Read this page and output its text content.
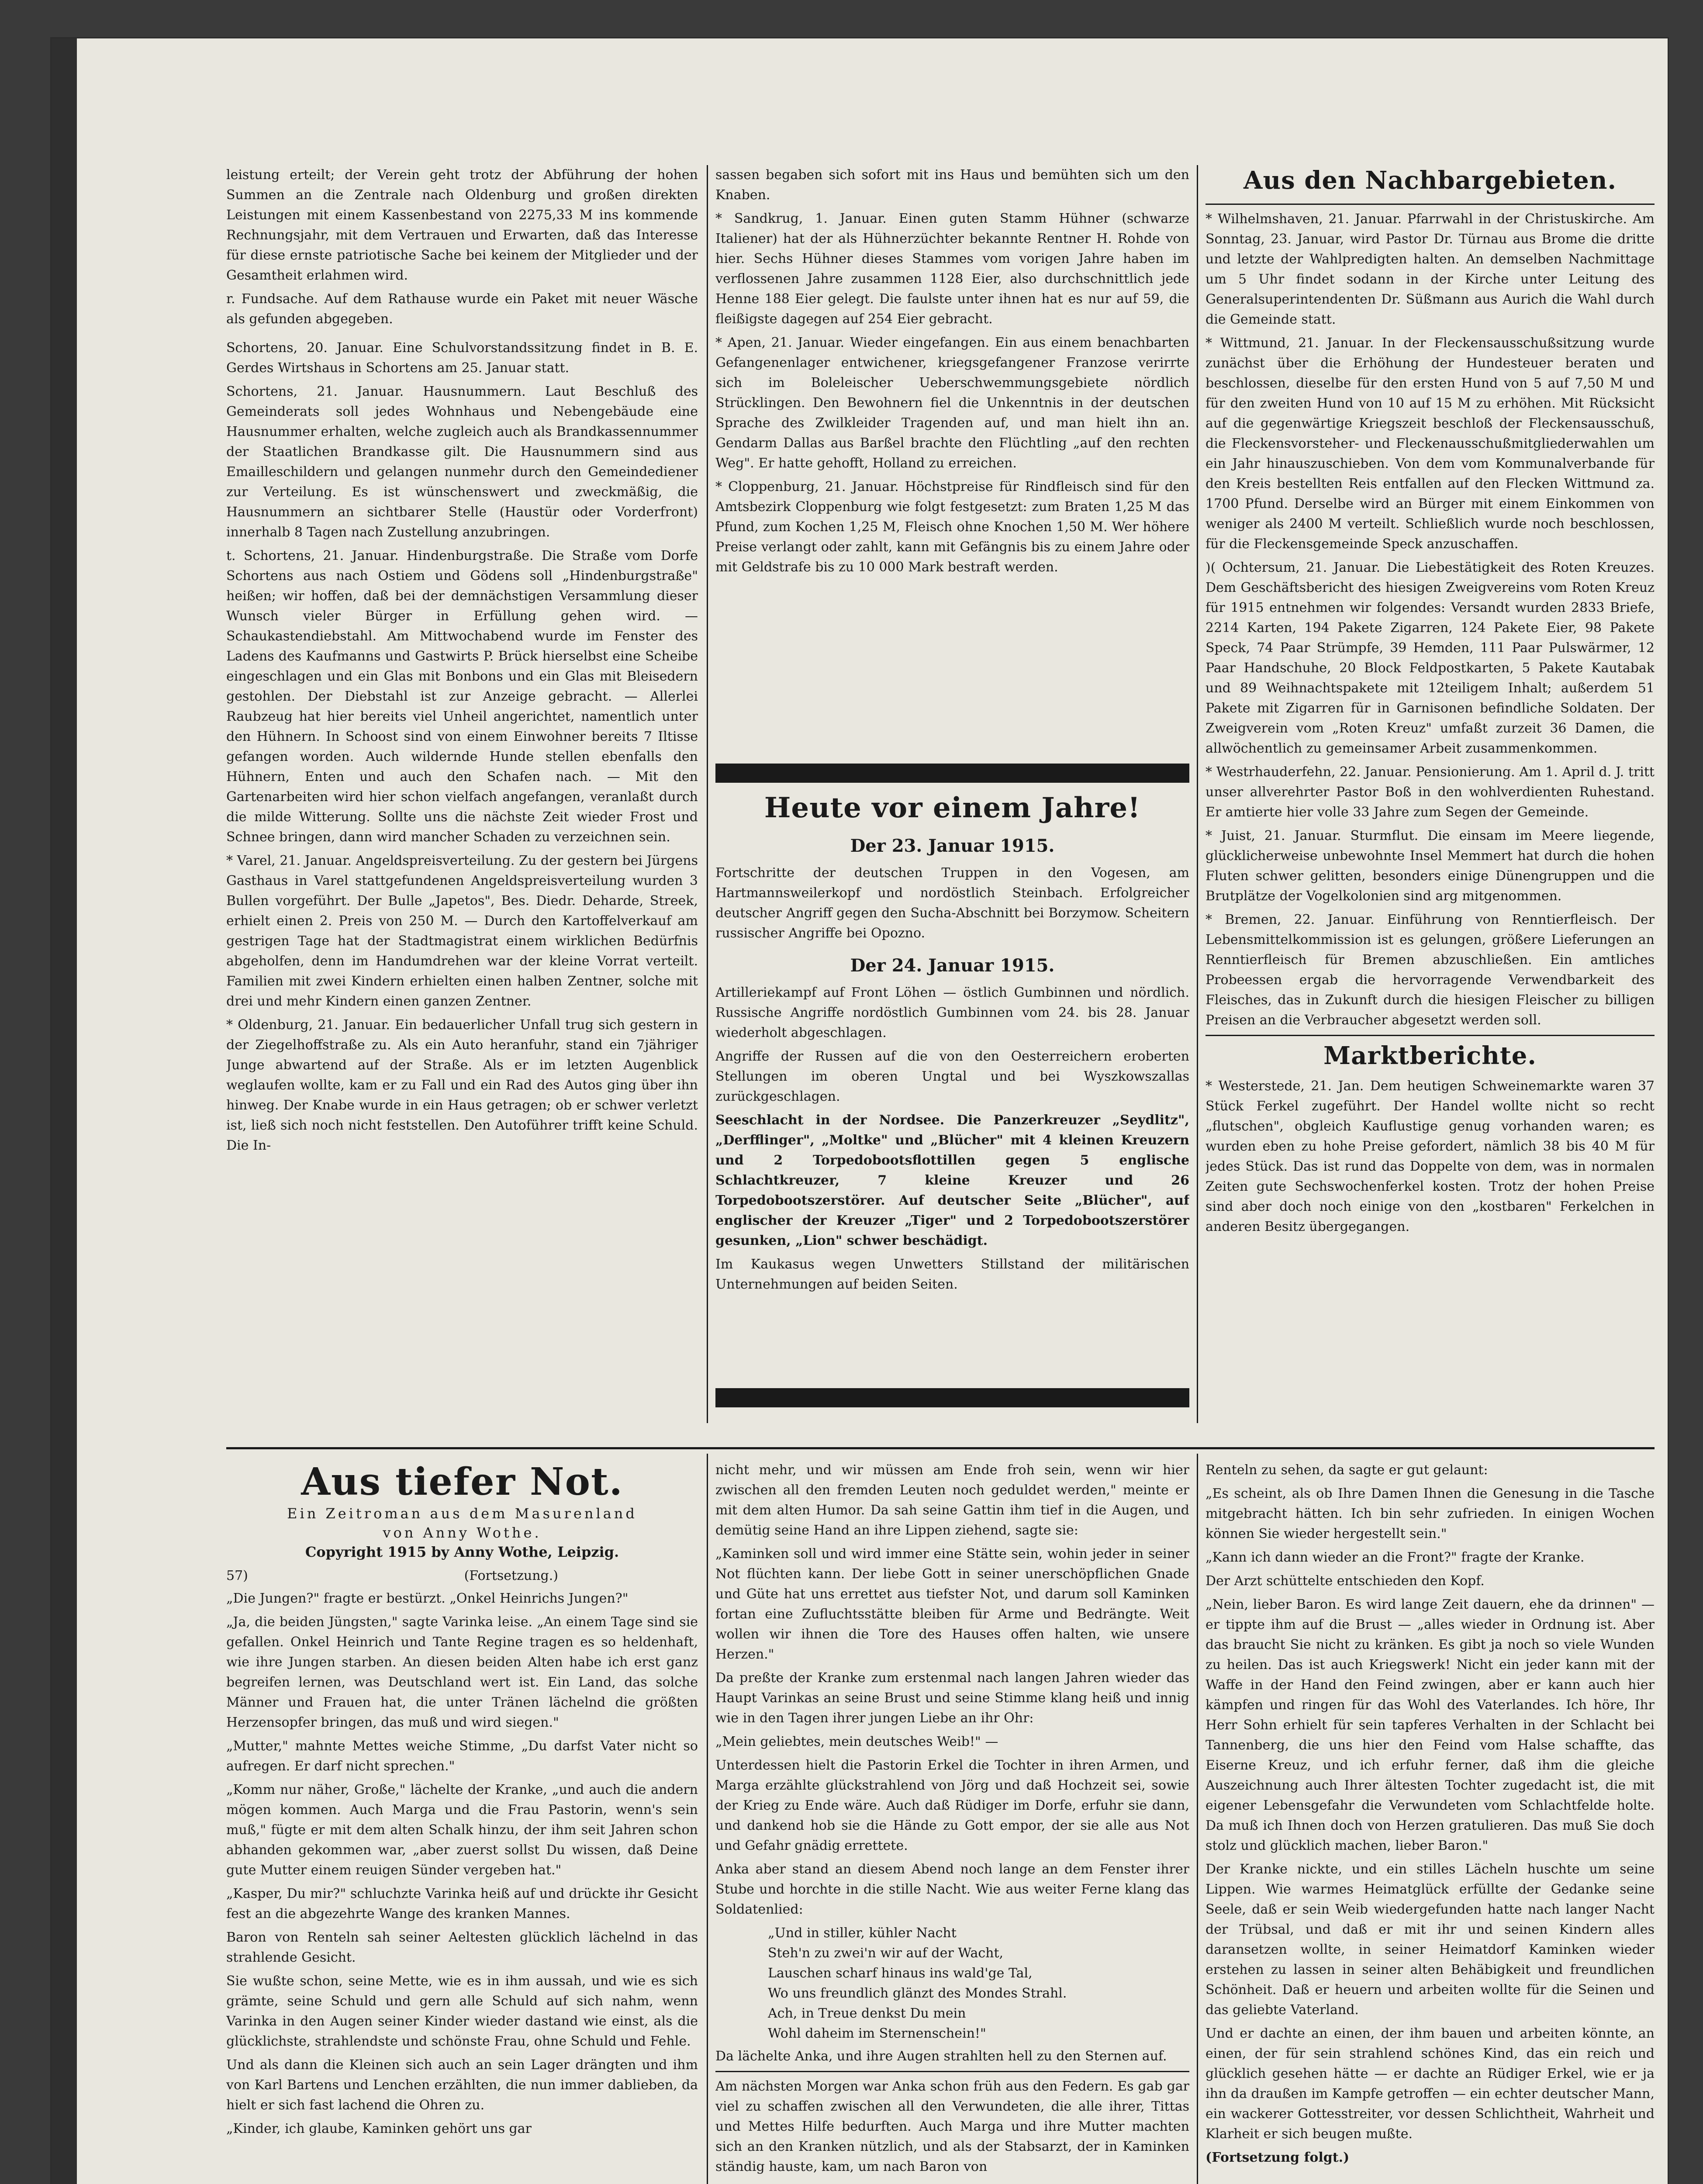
leistung erteilt; der Verein geht trotz der Abführung der hohen Summen an die Zentrale nach Oldenburg und großen direkten Leistungen mit einem Kassenbestand von 2275,33 M ins kommende Rechnungsjahr, mit dem Vertrauen und Erwarten, daß das Interesse für diese ernste patriotische Sache bei keinem der Mitglieder und der Gesamtheit erlahmen wird.

r. Fundsache. Auf dem Rathause wurde ein Paket mit neuer Wäsche als gefunden abgegeben.

Schortens, 20. Januar. Eine Schulvorstandssitzung findet in B. E. Gerdes Wirtshaus in Schortens am 25. Januar statt.

Schortens, 21. Januar. Hausnummern. Laut Beschluß des Gemeinderats soll jedes Wohnhaus und Nebengebäude eine Hausnummer erhalten, welche zugleich auch als Brandkassennummer der Staatlichen Brandkasse gilt. Die Hausnummern sind aus Emailleschildern und gelangen nunmehr durch den Gemeindediener zur Verteilung. Es ist wünschenswert und zweckmäßig, die Hausnummern an sichtbarer Stelle (Haustür oder Vorderfront) innerhalb 8 Tagen nach Zustellung anzubringen.

t. Schortens, 21. Januar. Hindenburgstraße. Die Straße vom Dorfe Schortens aus nach Ostiem und Gödens soll „Hindenburgstraße" heißen; wir hoffen, daß bei der demnächstigen Versammlung dieser Wunsch vieler Bürger in Erfüllung gehen wird. — Schaukastendiebstahl. Am Mittwochabend wurde im Fenster des Ladens des Kaufmanns und Gastwirts P. Brück hierselbst eine Scheibe eingeschlagen und ein Glas mit Bonbons und ein Glas mit Bleisedern gestohlen. Der Diebstahl ist zur Anzeige gebracht. — Allerlei Raubzeug hat hier bereits viel Unheil angerichtet, namentlich unter den Hühnern. In Schoost sind von einem Einwohner bereits 7 Iltisse gefangen worden. Auch wildernde Hunde stellen ebenfalls den Hühnern, Enten und auch den Schafen nach. — Mit den Gartenarbeiten wird hier schon vielfach angefangen, veranlaßt durch die milde Witterung. Sollte uns die nächste Zeit wieder Frost und Schnee bringen, dann wird mancher Schaden zu verzeichnen sein.

* Varel, 21. Januar. Angeldspreisverteilung. Zu der gestern bei Jürgens Gasthaus in Varel stattgefundenen Angeldspreisverteilung wurden 3 Bullen vorgeführt. Der Bulle „Japetos", Bes. Diedr. Deharde, Streek, erhielt einen 2. Preis von 250 M. — Durch den Kartoffelverkauf am gestrigen Tage hat der Stadtmagistrat einem wirklichen Bedürfnis abgeholfen, denn im Handumdrehen war der kleine Vorrat verteilt. Familien mit zwei Kindern erhielten einen halben Zentner, solche mit drei und mehr Kindern einen ganzen Zentner.

* Oldenburg, 21. Januar. Ein bedauerlicher Unfall trug sich gestern in der Ziegelhoffstraße zu. Als ein Auto heranfuhr, stand ein 7jähriger Junge abwartend auf der Straße. Als er im letzten Augenblick weglaufen wollte, kam er zu Fall und ein Rad des Autos ging über ihn hinweg. Der Knabe wurde in ein Haus getragen; ob er schwer verletzt ist, ließ sich noch nicht feststellen. Den Autoführer trifft keine Schuld. Die In-

sassen begaben sich sofort mit ins Haus und bemühten sich um den Knaben.

* Sandkrug, 1. Januar. Einen guten Stamm Hühner (schwarze Italiener) hat der als Hühnerzüchter bekannte Rentner H. Rohde von hier. Sechs Hühner dieses Stammes vom vorigen Jahre haben im verflossenen Jahre zusammen 1128 Eier, also durchschnittlich jede Henne 188 Eier gelegt. Die faulste unter ihnen hat es nur auf 59, die fleißigste dagegen auf 254 Eier gebracht.

* Apen, 21. Januar. Wieder eingefangen. Ein aus einem benachbarten Gefangenenlager entwichener, kriegsgefangener Franzose verirrte sich im Boleleischer Ueberschwemmungsgebiete nördlich Strücklingen. Den Bewohnern fiel die Unkenntnis in der deutschen Sprache des Zwilkleider Tragenden auf, und man hielt ihn an. Gendarm Dallas aus Barßel brachte den Flüchtling „auf den rechten Weg". Er hatte gehofft, Holland zu erreichen.

* Cloppenburg, 21. Januar. Höchstpreise für Rindfleisch sind für den Amtsbezirk Cloppenburg wie folgt festgesetzt: zum Braten 1,25 M das Pfund, zum Kochen 1,25 M, Fleisch ohne Knochen 1,50 M. Wer höhere Preise verlangt oder zahlt, kann mit Gefängnis bis zu einem Jahre oder mit Geldstrafe bis zu 10 000 Mark bestraft werden.

Heute vor einem Jahre!
Der 23. Januar 1915.

Fortschritte der deutschen Truppen in den Vogesen, am Hartmannsweilerkopf und nordöstlich Steinbach. Erfolgreicher deutscher Angriff gegen den Sucha-Abschnitt bei Borzymow. Scheitern russischer Angriffe bei Opozno.

Der 24. Januar 1915.

Artilleriekampf auf Front Löhen — östlich Gumbinnen und nördlich. Russische Angriffe nordöstlich Gumbinnen vom 24. bis 28. Januar wiederholt abgeschlagen.

Angriffe der Russen auf die von den Oesterreichern eroberten Stellungen im oberen Ungtal und bei Wyszkowszallas zurückgeschlagen.

Seeschlacht in der Nordsee. Die Panzerkreuzer „Seydlitz", „Derfflinger", „Moltke" und „Blücher" mit 4 kleinen Kreuzern und 2 Torpedobootsflottillen gegen 5 englische Schlachtkreuzer, 7 kleine Kreuzer und 26 Torpedobootszerstörer. Auf deutscher Seite „Blücher", auf englischer der Kreuzer „Tiger" und 2 Torpedobootszerstörer gesunken, „Lion" schwer beschädigt.

Im Kaukasus wegen Unwetters Stillstand der militärischen Unternehmungen auf beiden Seiten.

Aus den Nachbargebieten.

* Wilhelmshaven, 21. Januar. Pfarrwahl in der Christuskirche. Am Sonntag, 23. Januar, wird Pastor Dr. Türnau aus Brome die dritte und letzte der Wahlpredigten halten. An demselben Nachmittage um 5 Uhr findet sodann in der Kirche unter Leitung des Generalsuperintendenten Dr. Süßmann aus Aurich die Wahl durch die Gemeinde statt.

* Wittmund, 21. Januar. In der Fleckensausschußsitzung wurde zunächst über die Erhöhung der Hundesteuer beraten und beschlossen, dieselbe für den ersten Hund von 5 auf 7,50 M und für den zweiten Hund von 10 auf 15 M zu erhöhen. Mit Rücksicht auf die gegenwärtige Kriegszeit beschloß der Fleckensausschuß, die Fleckensvorsteher- und Fleckenausschußmitgliederwahlen um ein Jahr hinauszuschieben. Von dem vom Kommunalverbande für den Kreis bestellten Reis entfallen auf den Flecken Wittmund za. 1700 Pfund. Derselbe wird an Bürger mit einem Einkommen von weniger als 2400 M verteilt. Schließlich wurde noch beschlossen, für die Fleckensgemeinde Speck anzuschaffen.

)( Ochtersum, 21. Januar. Die Liebestätigkeit des Roten Kreuzes. Dem Geschäftsbericht des hiesigen Zweigvereins vom Roten Kreuz für 1915 entnehmen wir folgendes: Versandt wurden 2833 Briefe, 2214 Karten, 194 Pakete Zigarren, 124 Pakete Eier, 98 Pakete Speck, 74 Paar Strümpfe, 39 Hemden, 111 Paar Pulswärmer, 12 Paar Handschuhe, 20 Block Feldpostkarten, 5 Pakete Kautabak und 89 Weihnachtspakete mit 12teiligem Inhalt; außerdem 51 Pakete mit Zigarren für in Garnisonen befindliche Soldaten. Der Zweigverein vom „Roten Kreuz" umfaßt zurzeit 36 Damen, die allwöchentlich zu gemeinsamer Arbeit zusammenkommen.

* Westrhauderfehn, 22. Januar. Pensionierung. Am 1. April d. J. tritt unser allverehrter Pastor Boß in den wohlverdienten Ruhestand. Er amtierte hier volle 33 Jahre zum Segen der Gemeinde.

* Juist, 21. Januar. Sturmflut. Die einsam im Meere liegende, glücklicherweise unbewohnte Insel Memmert hat durch die hohen Fluten schwer gelitten, besonders einige Dünengruppen und die Brutplätze der Vogelkolonien sind arg mitgenommen.

* Bremen, 22. Januar. Einführung von Renntierfleisch. Der Lebensmittelkommission ist es gelungen, größere Lieferungen an Renntierfleisch für Bremen abzuschließen. Ein amtliches Probeessen ergab die hervorragende Verwendbarkeit des Fleisches, das in Zukunft durch die hiesigen Fleischer zu billigen Preisen an die Verbraucher abgesetzt werden soll.

Marktberichte.

* Westerstede, 21. Jan. Dem heutigen Schweinemarkte waren 37 Stück Ferkel zugeführt. Der Handel wollte nicht so recht „flutschen", obgleich Kauflustige genug vorhanden waren; es wurden eben zu hohe Preise gefordert, nämlich 38 bis 40 M für jedes Stück. Das ist rund das Doppelte von dem, was in normalen Zeiten gute Sechswochenferkel kosten. Trotz der hohen Preise sind aber doch noch einige von den „kostbaren" Ferkelchen in anderen Besitz übergegangen.

Aus tiefer Not.
Ein Zeitroman aus dem Masurenland
von Anny Wothe.
Copyright 1915 by Anny Wothe, Leipzig.
57)	(Fortsetzung.)

„Die Jungen?" fragte er bestürzt. „Onkel Heinrichs Jungen?"

„Ja, die beiden Jüngsten," sagte Varinka leise. „An einem Tage sind sie gefallen. Onkel Heinrich und Tante Regine tragen es so heldenhaft, wie ihre Jungen starben. An diesen beiden Alten habe ich erst ganz begreifen lernen, was Deutschland wert ist. Ein Land, das solche Männer und Frauen hat, die unter Tränen lächelnd die größten Herzensopfer bringen, das muß und wird siegen."

„Mutter," mahnte Mettes weiche Stimme, „Du darfst Vater nicht so aufregen. Er darf nicht sprechen."

„Komm nur näher, Große," lächelte der Kranke, „und auch die andern mögen kommen. Auch Marga und die Frau Pastorin, wenn's sein muß," fügte er mit dem alten Schalk hinzu, der ihm seit Jahren schon abhanden gekommen war, „aber zuerst sollst Du wissen, daß Deine gute Mutter einem reuigen Sünder vergeben hat."

„Kasper, Du mir?" schluchzte Varinka heiß auf und drückte ihr Gesicht fest an die abgezehrte Wange des kranken Mannes.

Baron von Renteln sah seiner Aeltesten glücklich lächelnd in das strahlende Gesicht.

Sie wußte schon, seine Mette, wie es in ihm aussah, und wie es sich grämte, seine Schuld und gern alle Schuld auf sich nahm, wenn Varinka in den Augen seiner Kinder wieder dastand wie einst, als die glücklichste, strahlendste und schönste Frau, ohne Schuld und Fehle.

Und als dann die Kleinen sich auch an sein Lager drängten und ihm von Karl Bartens und Lenchen erzählten, die nun immer dablieben, da hielt er sich fast lachend die Ohren zu.

„Kinder, ich glaube, Kaminken gehört uns gar

nicht mehr, und wir müssen am Ende froh sein, wenn wir hier zwischen all den fremden Leuten noch geduldet werden," meinte er mit dem alten Humor. Da sah seine Gattin ihm tief in die Augen, und demütig seine Hand an ihre Lippen ziehend, sagte sie:

„Kaminken soll und wird immer eine Stätte sein, wohin jeder in seiner Not flüchten kann. Der liebe Gott in seiner unerschöpflichen Gnade und Güte hat uns errettet aus tiefster Not, und darum soll Kaminken fortan eine Zufluchtsstätte bleiben für Arme und Bedrängte. Weit wollen wir ihnen die Tore des Hauses offen halten, wie unsere Herzen."

Da preßte der Kranke zum erstenmal nach langen Jahren wieder das Haupt Varinkas an seine Brust und seine Stimme klang heiß und innig wie in den Tagen ihrer jungen Liebe an ihr Ohr:

„Mein geliebtes, mein deutsches Weib!" —

Unterdessen hielt die Pastorin Erkel die Tochter in ihren Armen, und Marga erzählte glückstrahlend von Jörg und daß Hochzeit sei, sowie der Krieg zu Ende wäre. Auch daß Rüdiger im Dorfe, erfuhr sie dann, und dankend hob sie die Hände zu Gott empor, der sie alle aus Not und Gefahr gnädig errettete.

Anka aber stand an diesem Abend noch lange an dem Fenster ihrer Stube und horchte in die stille Nacht. Wie aus weiter Ferne klang das Soldatenlied:

„Und in stiller, kühler Nacht
Steh'n zu zwei'n wir auf der Wacht,
Lauschen scharf hinaus ins wald'ge Tal,
Wo uns freundlich glänzt des Mondes Strahl.
Ach, in Treue denkst Du mein
Wohl daheim im Sternenschein!"

Da lächelte Anka, und ihre Augen strahlten hell zu den Sternen auf.

Am nächsten Morgen war Anka schon früh aus den Federn. Es gab gar viel zu schaffen zwischen all den Verwundeten, die alle ihrer, Tittas und Mettes Hilfe bedurften. Auch Marga und ihre Mutter machten sich an den Kranken nützlich, und als der Stabsarzt, der in Kaminken ständig hauste, kam, um nach Baron von

Renteln zu sehen, da sagte er gut gelaunt:

„Es scheint, als ob Ihre Damen Ihnen die Genesung in die Tasche mitgebracht hätten. Ich bin sehr zufrieden. In einigen Wochen können Sie wieder hergestellt sein."

„Kann ich dann wieder an die Front?" fragte der Kranke.

Der Arzt schüttelte entschieden den Kopf.

„Nein, lieber Baron. Es wird lange Zeit dauern, ehe da drinnen" — er tippte ihm auf die Brust — „alles wieder in Ordnung ist. Aber das braucht Sie nicht zu kränken. Es gibt ja noch so viele Wunden zu heilen. Das ist auch Kriegswerk! Nicht ein jeder kann mit der Waffe in der Hand den Feind zwingen, aber er kann auch hier kämpfen und ringen für das Wohl des Vaterlandes. Ich höre, Ihr Herr Sohn erhielt für sein tapferes Verhalten in der Schlacht bei Tannenberg, die uns hier den Feind vom Halse schaffte, das Eiserne Kreuz, und ich erfuhr ferner, daß ihm die gleiche Auszeichnung auch Ihrer ältesten Tochter zugedacht ist, die mit eigener Lebensgefahr die Verwundeten vom Schlachtfelde holte. Da muß ich Ihnen doch von Herzen gratulieren. Das muß Sie doch stolz und glücklich machen, lieber Baron."

Der Kranke nickte, und ein stilles Lächeln huschte um seine Lippen. Wie warmes Heimatglück erfüllte der Gedanke seine Seele, daß er sein Weib wiedergefunden hatte nach langer Nacht der Trübsal, und daß er mit ihr und seinen Kindern alles daransetzen wollte, in seiner Heimatdorf Kaminken wieder erstehen zu lassen in seiner alten Behäbigkeit und freundlichen Schönheit. Daß er heuern und arbeiten wollte für die Seinen und das geliebte Vaterland.

Und er dachte an einen, der ihm bauen und arbeiten könnte, an einen, der für sein strahlend schönes Kind, das ein reich und glücklich gesehen hätte — er dachte an Rüdiger Erkel, wie er ja ihn da draußen im Kampfe getroffen — ein echter deutscher Mann, ein wackerer Gottesstreiter, vor dessen Schlichtheit, Wahrheit und Klarheit er sich beugen mußte.

(Fortsetzung folgt.)
